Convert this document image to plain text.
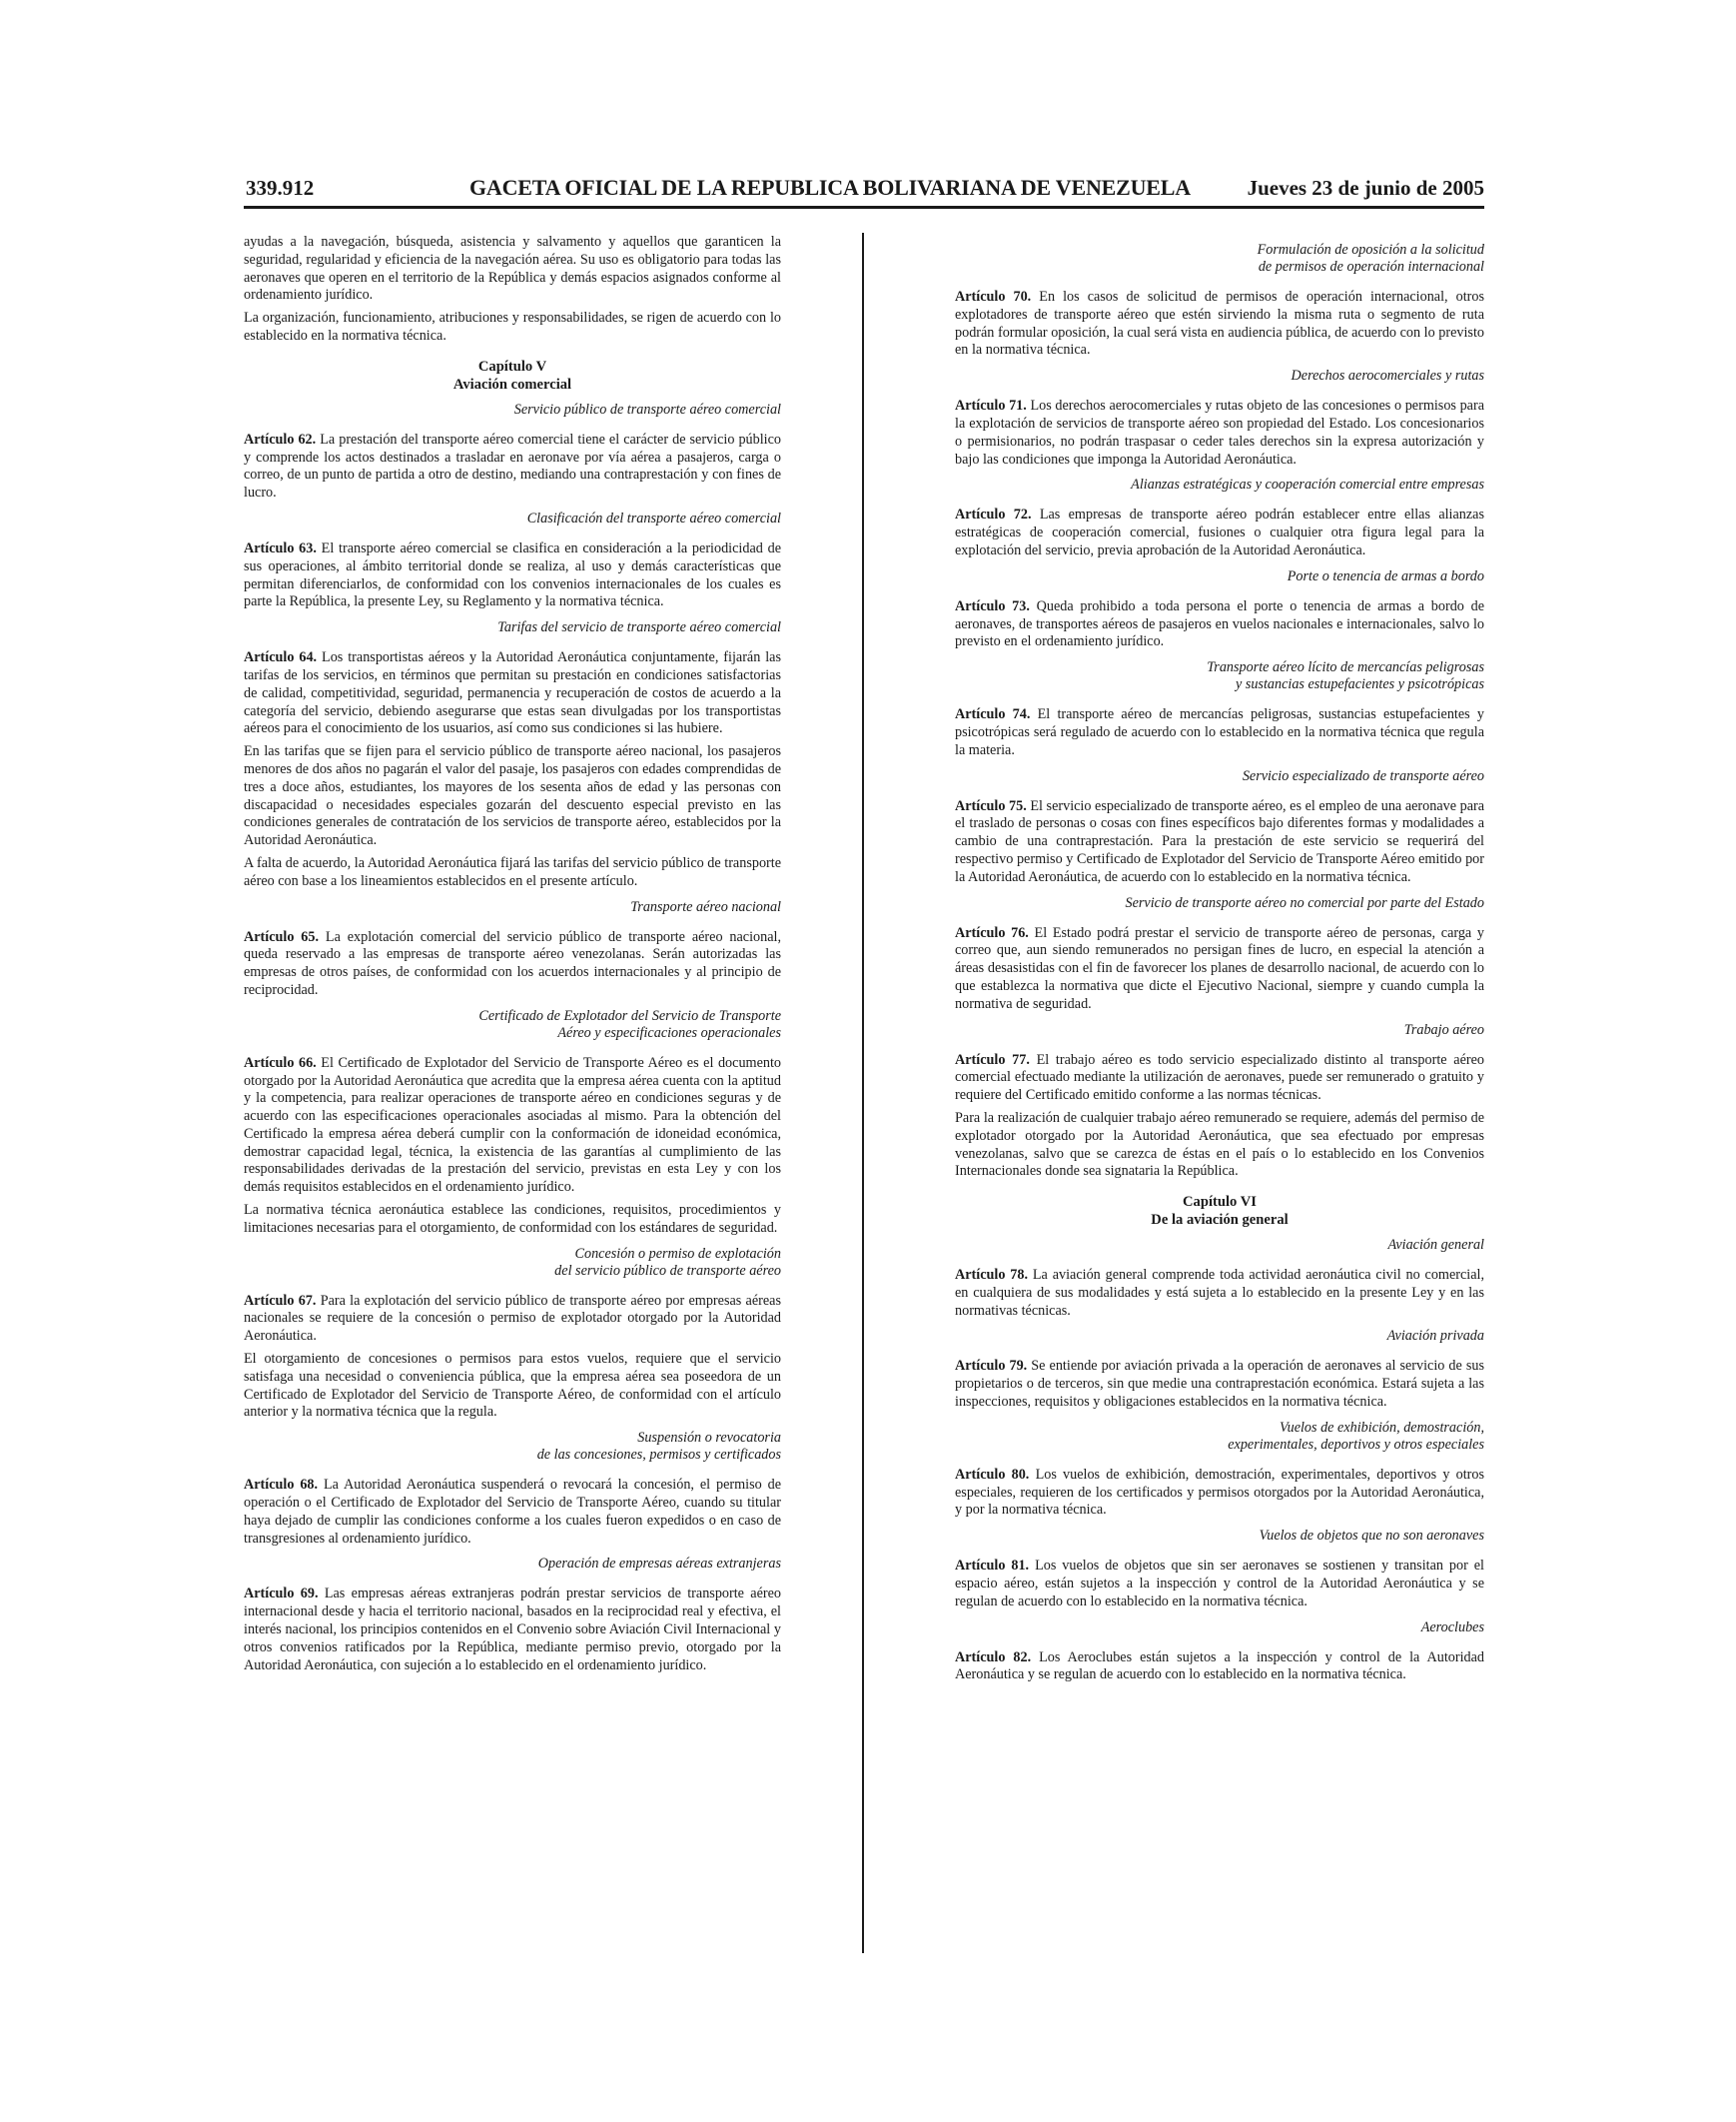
339.912	GACETA OFICIAL DE LA REPUBLICA BOLIVARIANA DE VENEZUELA	Jueves 23 de junio de 2005

ayudas a la navegación, búsqueda, asistencia y salvamento y aquellos que garanticen la seguridad, regularidad y eficiencia de la navegación aérea. Su uso es obligatorio para todas las aeronaves que operen en el territorio de la República y demás espacios asignados conforme al ordenamiento jurídico.

La organización, funcionamiento, atribuciones y responsabilidades, se rigen de acuerdo con lo establecido en la normativa técnica.

Capítulo V
Aviación comercial
Servicio público de transporte aéreo comercial

Artículo 62. La prestación del transporte aéreo comercial tiene el carácter de servicio público y comprende los actos destinados a trasladar en aeronave por vía aérea a pasajeros, carga o correo, de un punto de partida a otro de destino, mediando una contraprestación y con fines de lucro.

Clasificación del transporte aéreo comercial

Artículo 63. El transporte aéreo comercial se clasifica en consideración a la periodicidad de sus operaciones, al ámbito territorial donde se realiza, al uso y demás características que permitan diferenciarlos, de conformidad con los convenios internacionales de los cuales es parte la República, la presente Ley, su Reglamento y la normativa técnica.

Tarifas del servicio de transporte aéreo comercial

Artículo 64. Los transportistas aéreos y la Autoridad Aeronáutica conjuntamente, fijarán las tarifas de los servicios, en términos que permitan su prestación en condiciones satisfactorias de calidad, competitividad, seguridad, permanencia y recuperación de costos de acuerdo a la categoría del servicio, debiendo asegurarse que estas sean divulgadas por los transportistas aéreos para el conocimiento de los usuarios, así como sus condiciones si las hubiere.

En las tarifas que se fijen para el servicio público de transporte aéreo nacional, los pasajeros menores de dos años no pagarán el valor del pasaje, los pasajeros con edades comprendidas de tres a doce años, estudiantes, los mayores de los sesenta años de edad y las personas con discapacidad o necesidades especiales gozarán del descuento especial previsto en las condiciones generales de contratación de los servicios de transporte aéreo, establecidos por la Autoridad Aeronáutica.

A falta de acuerdo, la Autoridad Aeronáutica fijará las tarifas del servicio público de transporte aéreo con base a los lineamientos establecidos en el presente artículo.

Transporte aéreo nacional

Artículo 65. La explotación comercial del servicio público de transporte aéreo nacional, queda reservado a las empresas de transporte aéreo venezolanas. Serán autorizadas las empresas de otros países, de conformidad con los acuerdos internacionales y al principio de reciprocidad.

Certificado de Explotador del Servicio de Transporte
Aéreo y especificaciones operacionales

Artículo 66. El Certificado de Explotador del Servicio de Transporte Aéreo es el documento otorgado por la Autoridad Aeronáutica que acredita que la empresa aérea cuenta con la aptitud y la competencia, para realizar operaciones de transporte aéreo en condiciones seguras y de acuerdo con las especificaciones operacionales asociadas al mismo. Para la obtención del Certificado la empresa aérea deberá cumplir con la conformación de idoneidad económica, demostrar capacidad legal, técnica, la existencia de las garantías al cumplimiento de las responsabilidades derivadas de la prestación del servicio, previstas en esta Ley y con los demás requisitos establecidos en el ordenamiento jurídico.

La normativa técnica aeronáutica establece las condiciones, requisitos, procedimientos y limitaciones necesarias para el otorgamiento, de conformidad con los estándares de seguridad.

Concesión o permiso de explotación
del servicio público de transporte aéreo

Artículo 67. Para la explotación del servicio público de transporte aéreo por empresas aéreas nacionales se requiere de la concesión o permiso de explotador otorgado por la Autoridad Aeronáutica.

El otorgamiento de concesiones o permisos para estos vuelos, requiere que el servicio satisfaga una necesidad o conveniencia pública, que la empresa aérea sea poseedora de un Certificado de Explotador del Servicio de Transporte Aéreo, de conformidad con el artículo anterior y la normativa técnica que la regula.

Suspensión o revocatoria
de las concesiones, permisos y certificados

Artículo 68. La Autoridad Aeronáutica suspenderá o revocará la concesión, el permiso de operación o el Certificado de Explotador del Servicio de Transporte Aéreo, cuando su titular haya dejado de cumplir las condiciones conforme a los cuales fueron expedidos o en caso de transgresiones al ordenamiento jurídico.

Operación de empresas aéreas extranjeras

Artículo 69. Las empresas aéreas extranjeras podrán prestar servicios de transporte aéreo internacional desde y hacia el territorio nacional, basados en la reciprocidad real y efectiva, el interés nacional, los principios contenidos en el Convenio sobre Aviación Civil Internacional y otros convenios ratificados por la República, mediante permiso previo, otorgado por la Autoridad Aeronáutica, con sujeción a lo establecido en el ordenamiento jurídico.

Formulación de oposición a la solicitud
de permisos de operación internacional

Artículo 70. En los casos de solicitud de permisos de operación internacional, otros explotadores de transporte aéreo que estén sirviendo la misma ruta o segmento de ruta podrán formular oposición, la cual será vista en audiencia pública, de acuerdo con lo previsto en la normativa técnica.

Derechos aerocomerciales y rutas

Artículo 71. Los derechos aerocomerciales y rutas objeto de las concesiones o permisos para la explotación de servicios de transporte aéreo son propiedad del Estado. Los concesionarios o permisionarios, no podrán traspasar o ceder tales derechos sin la expresa autorización y bajo las condiciones que imponga la Autoridad Aeronáutica.

Alianzas estratégicas y cooperación comercial entre empresas

Artículo 72. Las empresas de transporte aéreo podrán establecer entre ellas alianzas estratégicas de cooperación comercial, fusiones o cualquier otra figura legal para la explotación del servicio, previa aprobación de la Autoridad Aeronáutica.

Porte o tenencia de armas a bordo

Artículo 73. Queda prohibido a toda persona el porte o tenencia de armas a bordo de aeronaves, de transportes aéreos de pasajeros en vuelos nacionales e internacionales, salvo lo previsto en el ordenamiento jurídico.

Transporte aéreo lícito de mercancías peligrosas
y sustancias estupefacientes y psicotrópicas

Artículo 74. El transporte aéreo de mercancías peligrosas, sustancias estupefacientes y psicotrópicas será regulado de acuerdo con lo establecido en la normativa técnica que regula la materia.

Servicio especializado de transporte aéreo

Artículo 75. El servicio especializado de transporte aéreo, es el empleo de una aeronave para el traslado de personas o cosas con fines específicos bajo diferentes formas y modalidades a cambio de una contraprestación. Para la prestación de este servicio se requerirá del respectivo permiso y Certificado de Explotador del Servicio de Transporte Aéreo emitido por la Autoridad Aeronáutica, de acuerdo con lo establecido en la normativa técnica.

Servicio de transporte aéreo no comercial por parte del Estado

Artículo 76. El Estado podrá prestar el servicio de transporte aéreo de personas, carga y correo que, aun siendo remunerados no persigan fines de lucro, en especial la atención a áreas desasistidas con el fin de favorecer los planes de desarrollo nacional, de acuerdo con lo que establezca la normativa que dicte el Ejecutivo Nacional, siempre y cuando cumpla la normativa de seguridad.

Trabajo aéreo

Artículo 77. El trabajo aéreo es todo servicio especializado distinto al transporte aéreo comercial efectuado mediante la utilización de aeronaves, puede ser remunerado o gratuito y requiere del Certificado emitido conforme a las normas técnicas.

Para la realización de cualquier trabajo aéreo remunerado se requiere, además del permiso de explotador otorgado por la Autoridad Aeronáutica, que sea efectuado por empresas venezolanas, salvo que se carezca de éstas en el país o lo establecido en los Convenios Internacionales donde sea signataria la República.

Capítulo VI
De la aviación general
Aviación general

Artículo 78. La aviación general comprende toda actividad aeronáutica civil no comercial, en cualquiera de sus modalidades y está sujeta a lo establecido en la presente Ley y en las normativas técnicas.

Aviación privada

Artículo 79. Se entiende por aviación privada a la operación de aeronaves al servicio de sus propietarios o de terceros, sin que medie una contraprestación económica. Estará sujeta a las inspecciones, requisitos y obligaciones establecidos en la normativa técnica.

Vuelos de exhibición, demostración,
experimentales, deportivos y otros especiales

Artículo 80. Los vuelos de exhibición, demostración, experimentales, deportivos y otros especiales, requieren de los certificados y permisos otorgados por la Autoridad Aeronáutica, y por la normativa técnica.

Vuelos de objetos que no son aeronaves

Artículo 81. Los vuelos de objetos que sin ser aeronaves se sostienen y transitan por el espacio aéreo, están sujetos a la inspección y control de la Autoridad Aeronáutica y se regulan de acuerdo con lo establecido en la normativa técnica.

Aeroclubes

Artículo 82. Los Aeroclubes están sujetos a la inspección y control de la Autoridad Aeronáutica y se regulan de acuerdo con lo establecido en la normativa técnica.
